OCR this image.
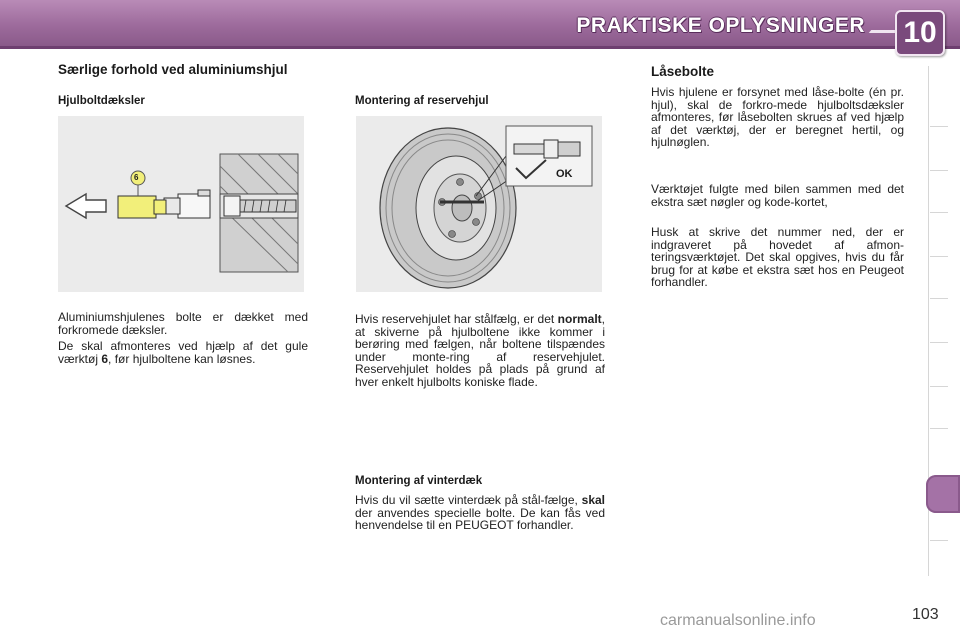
PRAKTISKE OPLYSNINGER 10
Særlige forhold ved aluminiumshjul
Hjulboltdæksler
6

Aluminiumshjulenes bolte er dækket med forkromede dæksler.

De skal afmonteres ved hjælp af det gule værktøj 6, før hjulboltene kan løsnes.

Montering af reservehjul
OK

Hvis reservehjulet har stålfælg, er det normalt, at skiverne på hjulboltene ikke kommer i berøring med fælgen, når boltene tilspændes under monte-ring af reservehjulet. Reservehjulet holdes på plads på grund af hver enkelt hjulbolts koniske flade.

Montering af vinterdæk

Hvis du vil sætte vinterdæk på stål-fælge, skal der anvendes specielle bolte. De kan fås ved henvendelse til en PEUGEOT forhandler.

Låsebolte

Hvis hjulene er forsynet med låse-bolte (én pr. hjul), skal de forkro-mede hjulboltsdæksler afmonteres, før låsebolten skrues af ved hjælp af det værktøj, der er beregnet hertil, og hjulnøglen.

Værktøjet fulgte med bilen sammen med det ekstra sæt nøgler og kode-kortet,

Husk at skrive det nummer ned, der er indgraveret på hovedet af afmon-teringsværktøjet. Det skal opgives, hvis du får brug for at købe et ekstra sæt hos en Peugeot forhandler.

103
carmanualsonline.info
